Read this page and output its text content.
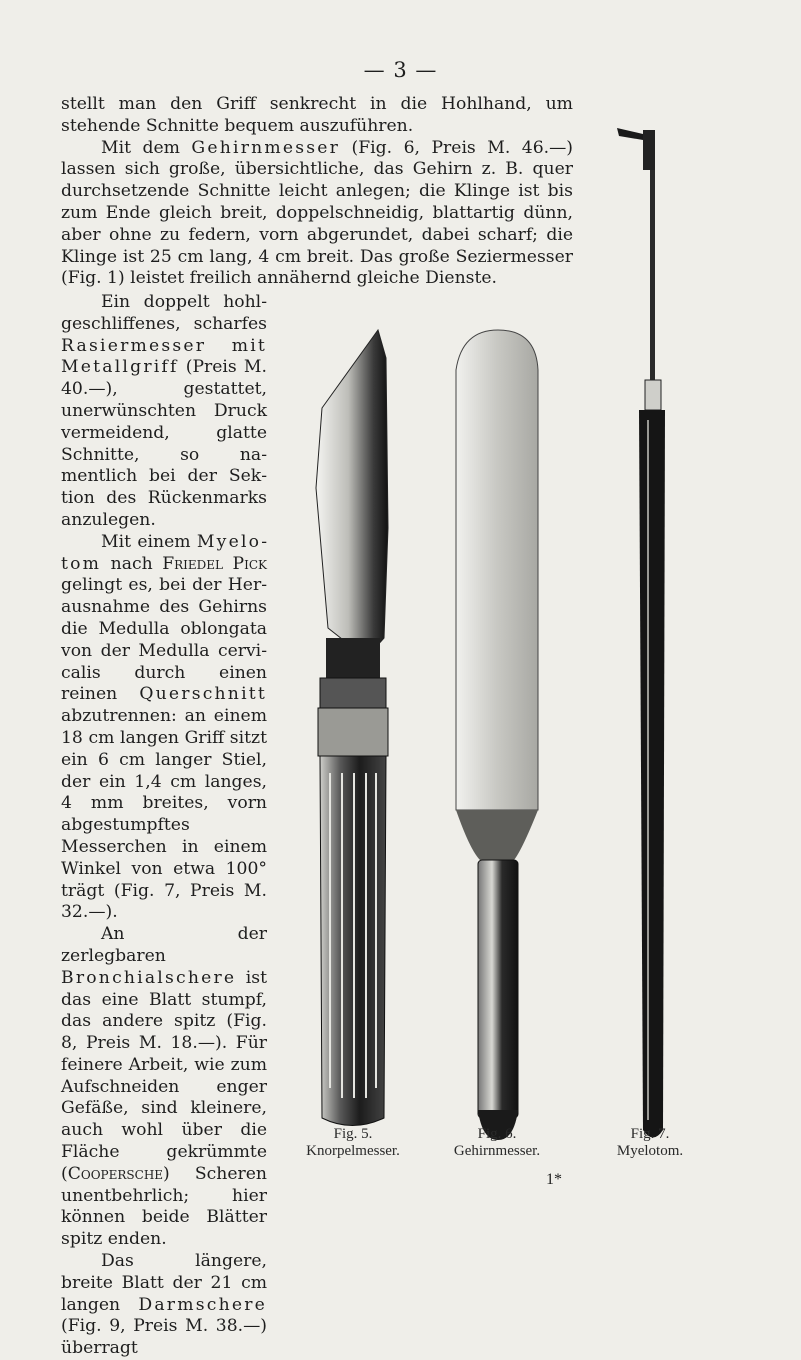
— 3 —

stellt man den Griff senkrecht in die Hohlhand, um stehende Schnitte bequem auszuführen.

Mit dem Gehirnmesser (Fig. 6, Preis M. 46.—) lassen sich große, übersichtliche, das Gehirn z. B. quer durchsetzende Schnitte leicht anlegen; die Klinge ist bis zum Ende gleich breit, doppelschneidig, blattartig dünn, aber ohne zu federn, vorn abgerundet, dabei scharf; die Klinge ist 25 cm lang, 4 cm breit. Das große Seziermesser (Fig. 1) leistet freilich annähernd gleiche Dienste.

Ein doppelt hohlgeschliffenes, scharfes Rasiermesser mit Metallgriff (Preis M. 40.—), gestattet, unerwünschten Druck vermeidend, glatte Schnitte, so namentlich bei der Sektion des Rückenmarks anzulegen.

Mit einem Myelotom nach Friedel Pick gelingt es, bei der Herausnahme des Gehirns die Medulla oblongata von der Medulla cervicalis durch einen reinen Querschnitt abzutrennen: an einem 18 cm langen Griff sitzt ein 6 cm langer Stiel, der ein 1,4 cm langes, 4 mm breites, vorn abgestumpftes Messerchen in einem Winkel von etwa 100° trägt (Fig. 7, Preis M. 32.—).

An der zerlegbaren Bronchialschere ist das eine Blatt stumpf, das andere spitz (Fig. 8, Preis M. 18.—). Für feinere Arbeit, wie zum Aufschneiden enger Gefäße, sind kleinere, auch wohl über die Fläche gekrümmte (Coopersche) Scheren unentbehrlich; hier können beide Blätter spitz enden.

Das längere, breite Blatt der 21 cm langen Darmschere (Fig. 9, Preis M. 38.—) überragt

Fig. 5.
Knorpelmesser.
Fig. 6.
Gehirnmesser.
Fig. 7.
Myelotom.
1*
